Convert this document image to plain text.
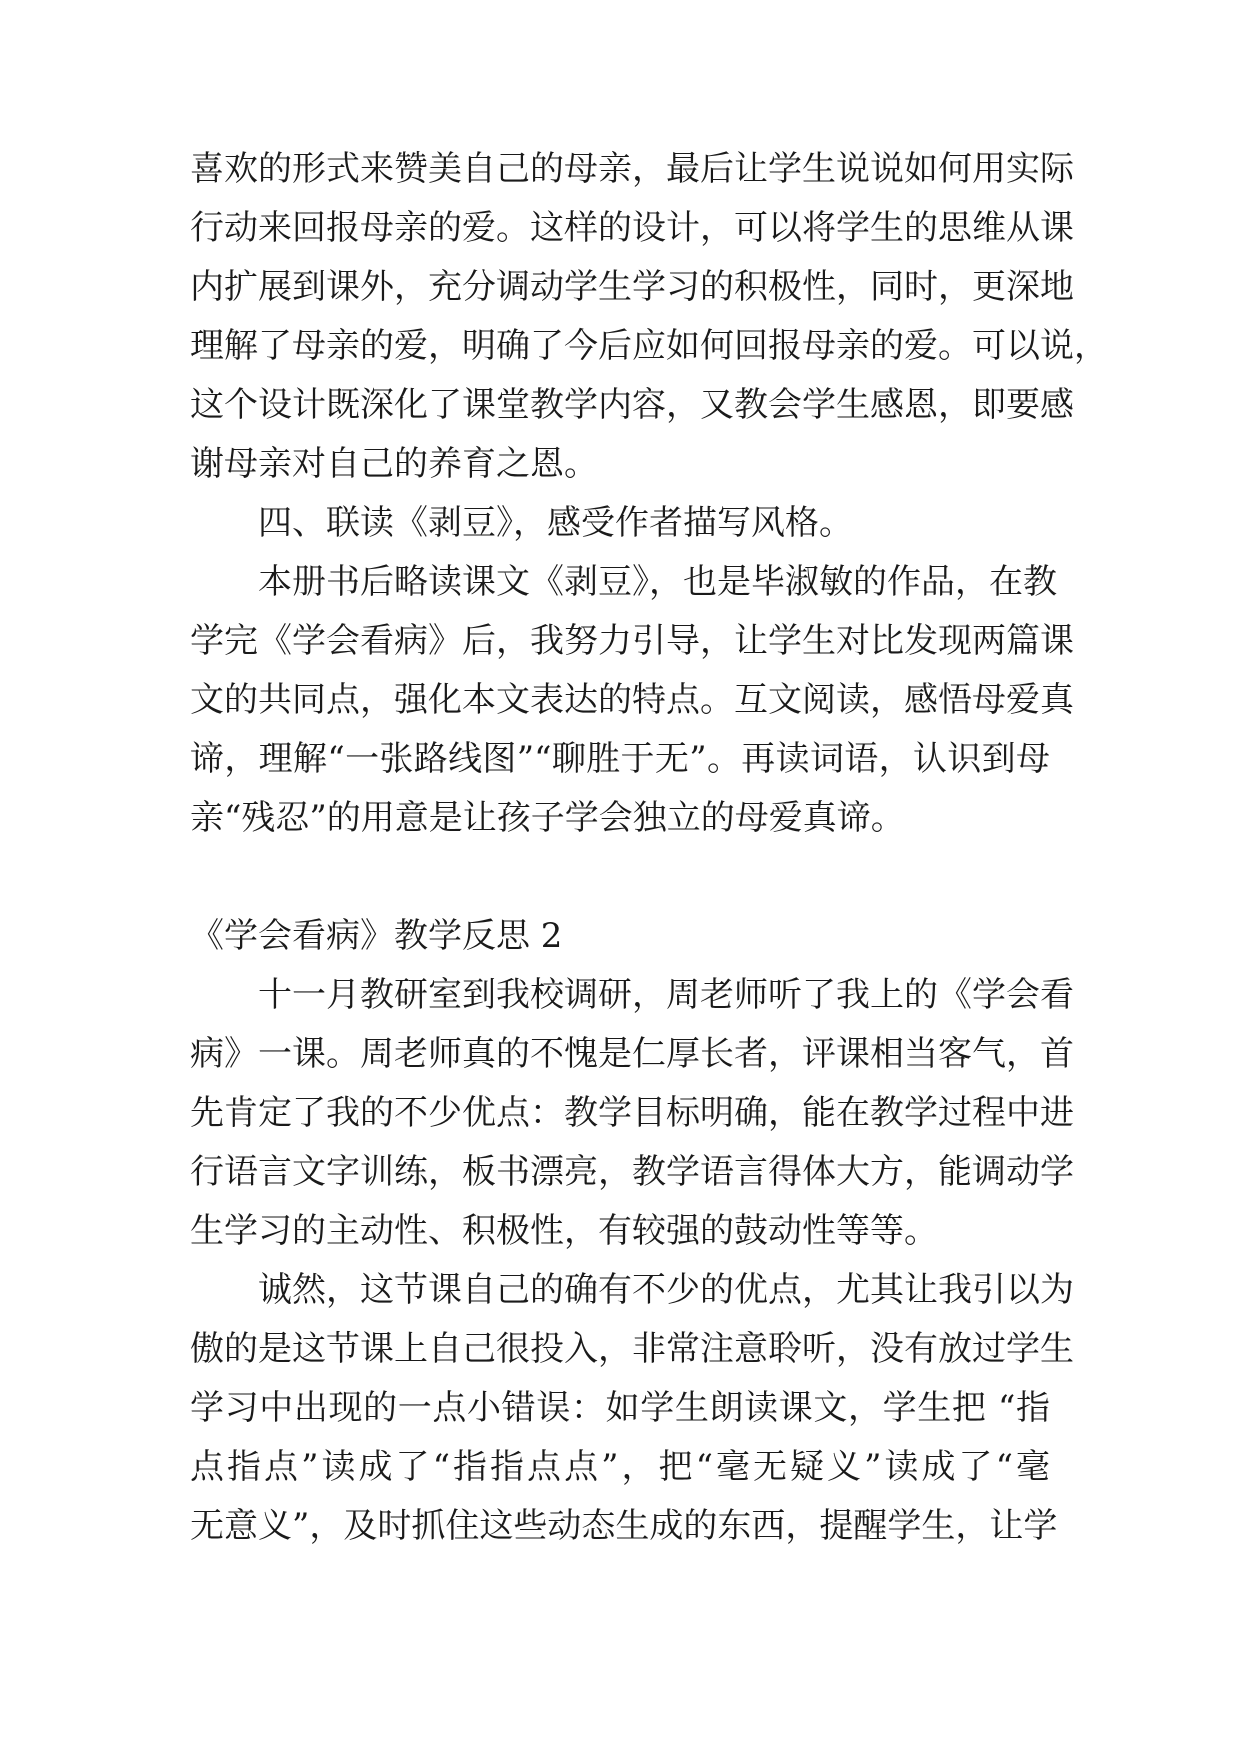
喜欢的形式来赞美自己的母亲，最后让学生说说如何用实际
行动来回报母亲的爱。这样的设计，可以将学生的思维从课
内扩展到课外，充分调动学生学习的积极性，同时，更深地
理解了母亲的爱，明确了今后应如何回报母亲的爱。可以说，
这个设计既深化了课堂教学内容，又教会学生感恩，即要感
谢母亲对自己的养育之恩。
四、联读《剥豆》，感受作者描写风格。
本册书后略读课文《剥豆》，也是毕淑敏的作品，在教
学完《学会看病》后，我努力引导，让学生对比发现两篇课
文的共同点，强化本文表达的特点。互文阅读，感悟母爱真
谛，理解“一张路线图”“聊胜于无”。再读词语，认识到母
亲“残忍”的用意是让孩子学会独立的母爱真谛。
《学会看病》教学反思 2
十一月教研室到我校调研，周老师听了我上的《学会看
病》一课。周老师真的不愧是仁厚长者，评课相当客气，首
先肯定了我的不少优点：教学目标明确，能在教学过程中进
行语言文字训练，板书漂亮，教学语言得体大方，能调动学
生学习的主动性、积极性，有较强的鼓动性等等。
诚然，这节课自己的确有不少的优点，尤其让我引以为
傲的是这节课上自己很投入，非常注意聆听，没有放过学生
学习中出现的一点小错误：如学生朗读课文，学生把 “指
点指点”读成了“指指点点”，把“毫无疑义”读成了“毫
无意义”，及时抓住这些动态生成的东西，提醒学生，让学
